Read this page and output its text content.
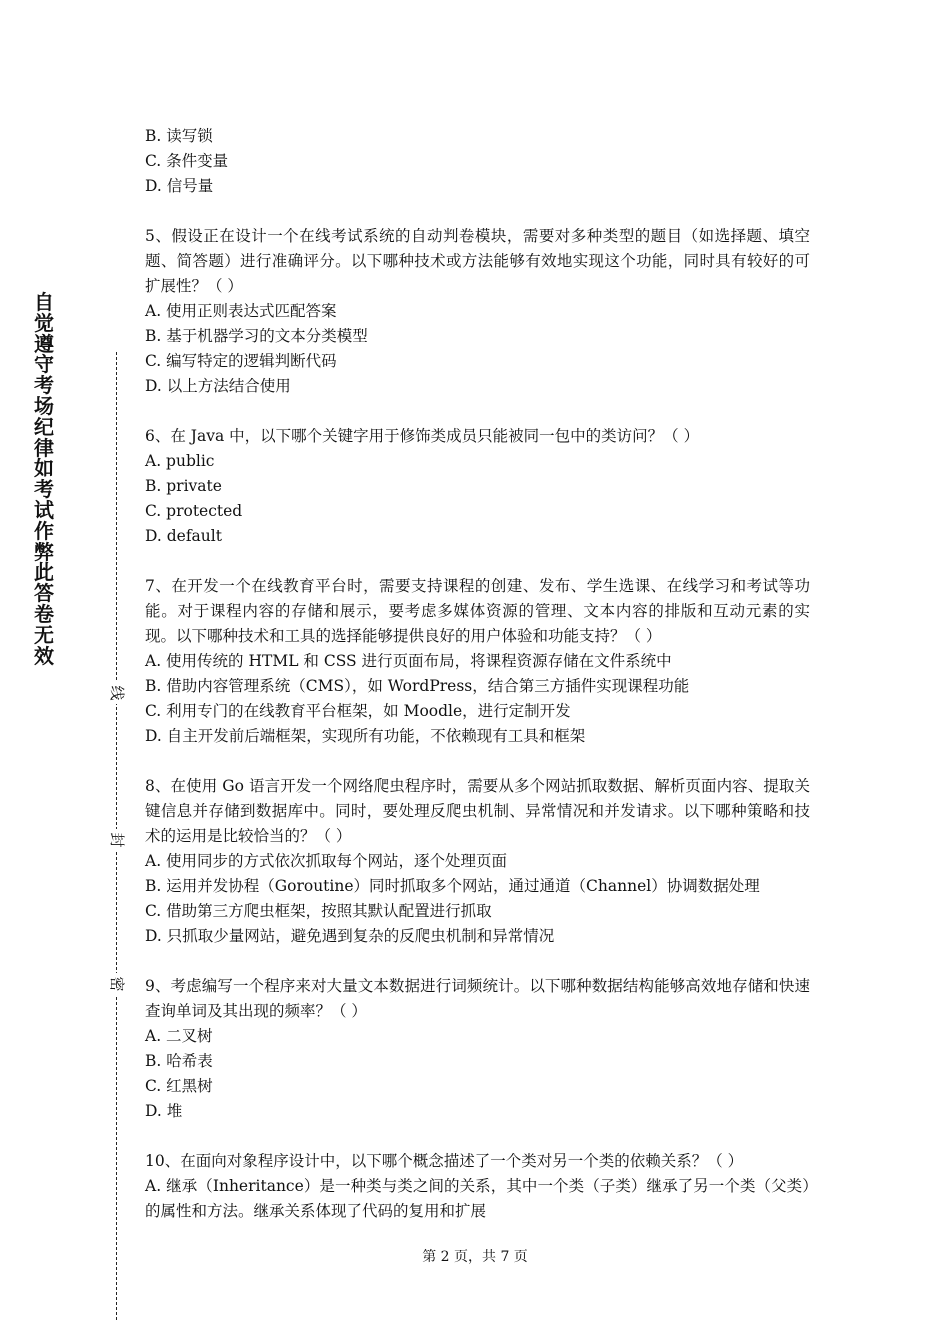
自觉遵守考场纪律如考试作弊此答卷无效
线
封
密
B. 读写锁
C. 条件变量
D. 信号量
5、假设正在设计一个在线考试系统的自动判卷模块，需要对多种类型的题目（如选择题、填空题、简答题）进行准确评分。以下哪种技术或方法能够有效地实现这个功能，同时具有较好的可扩展性？（ ）
A. 使用正则表达式匹配答案
B. 基于机器学习的文本分类模型
C. 编写特定的逻辑判断代码
D. 以上方法结合使用
6、在 Java 中，以下哪个关键字用于修饰类成员只能被同一包中的类访问？（ ）
A. public
B. private
C. protected
D. default
7、在开发一个在线教育平台时，需要支持课程的创建、发布、学生选课、在线学习和考试等功能。对于课程内容的存储和展示，要考虑多媒体资源的管理、文本内容的排版和互动元素的实现。以下哪种技术和工具的选择能够提供良好的用户体验和功能支持？（ ）
A. 使用传统的 HTML 和 CSS 进行页面布局，将课程资源存储在文件系统中
B. 借助内容管理系统（CMS），如 WordPress，结合第三方插件实现课程功能
C. 利用专门的在线教育平台框架，如 Moodle，进行定制开发
D. 自主开发前后端框架，实现所有功能，不依赖现有工具和框架
8、在使用 Go 语言开发一个网络爬虫程序时，需要从多个网站抓取数据、解析页面内容、提取关键信息并存储到数据库中。同时，要处理反爬虫机制、异常情况和并发请求。以下哪种策略和技术的运用是比较恰当的？（ ）
A. 使用同步的方式依次抓取每个网站，逐个处理页面
B. 运用并发协程（Goroutine）同时抓取多个网站，通过通道（Channel）协调数据处理
C. 借助第三方爬虫框架，按照其默认配置进行抓取
D. 只抓取少量网站，避免遇到复杂的反爬虫机制和异常情况
9、考虑编写一个程序来对大量文本数据进行词频统计。以下哪种数据结构能够高效地存储和快速查询单词及其出现的频率？（ ）
A. 二叉树
B. 哈希表
C. 红黑树
D. 堆
10、在面向对象程序设计中，以下哪个概念描述了一个类对另一个类的依赖关系？（ ）
A. 继承（Inheritance）是一种类与类之间的关系，其中一个类（子类）继承了另一个类（父类）的属性和方法。继承关系体现了代码的复用和扩展
第 2 页，共 7 页
